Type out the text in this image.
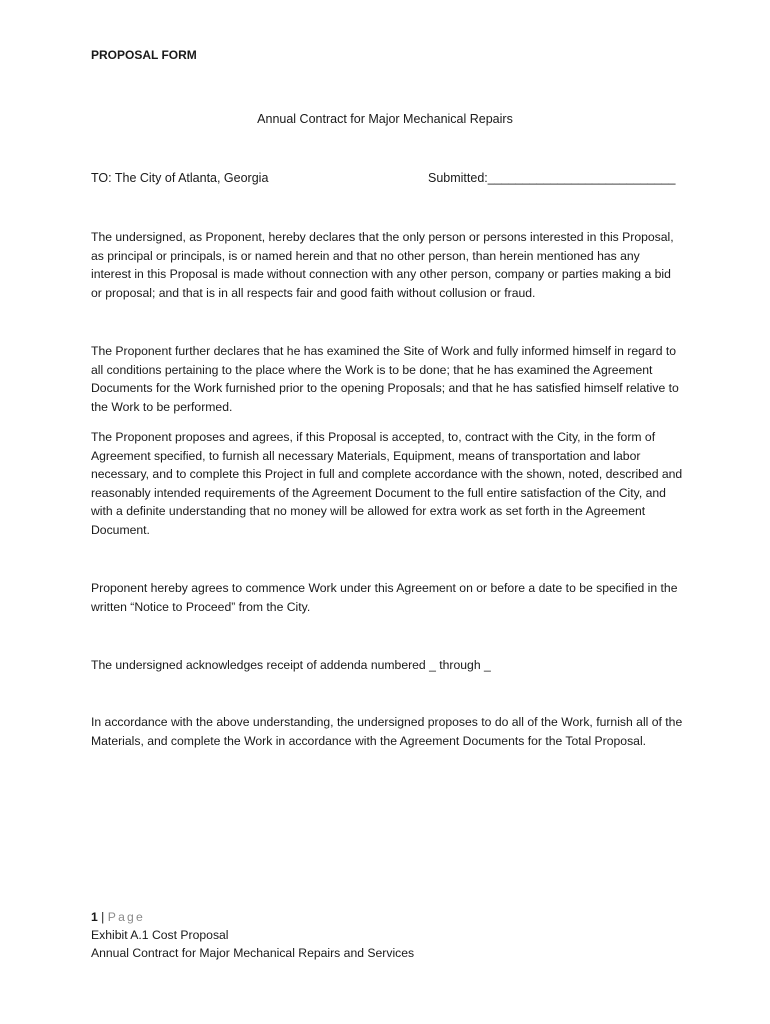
PROPOSAL FORM
Annual Contract for Major Mechanical Repairs
TO: The City of Atlanta, Georgia	Submitted:___________________________

The undersigned, as Proponent, hereby declares that the only person or persons interested in this Proposal, as principal or principals, is or named herein and that no other person, than herein mentioned has any interest in this Proposal is made without connection with any other person, company or parties making a bid or proposal; and that is in all respects fair and good faith without collusion or fraud.

The Proponent further declares that he has examined the Site of Work and fully informed himself in regard to all conditions pertaining to the place where the Work is to be done; that he has examined the Agreement Documents for the Work furnished prior to the opening Proposals; and that he has satisfied himself relative to the Work to be performed.

The Proponent proposes and agrees, if this Proposal is accepted, to, contract with the City, in the form of Agreement specified, to furnish all necessary Materials, Equipment, means of transportation and labor necessary, and to complete this Project in full and complete accordance with the shown, noted, described and reasonably intended requirements of the Agreement Document to the full entire satisfaction of the City, and with a definite understanding that no money will be allowed for extra work as set forth in the Agreement Document.

Proponent hereby agrees to commence Work under this Agreement on or before a date to be specified in the written “Notice to Proceed” from the City.

The undersigned acknowledges receipt of addenda numbered _ through _

In accordance with the above understanding, the undersigned proposes to do all of the Work, furnish all of the Materials, and complete the Work in accordance with the Agreement Documents for the Total Proposal.

1 | Page
Exhibit A.1 Cost Proposal
Annual Contract for Major Mechanical Repairs and Services
